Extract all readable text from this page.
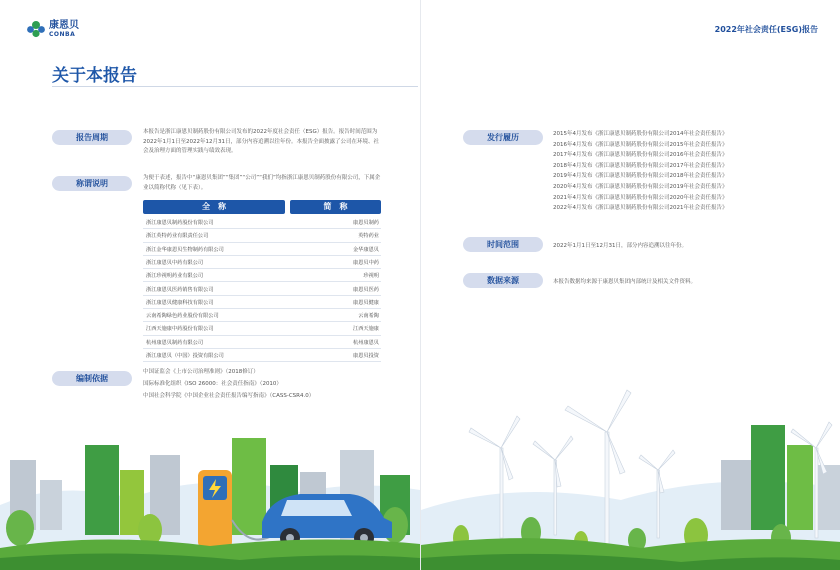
康恩贝
CONBA
关于本报告
报告周期
本报告是浙江康恩贝制药股份有限公司发布的2022年度社会责任（ESG）报告。报告时间范围为2022年1月1日至2022年12月31日，部分内容追溯以往年份。本报告全面披露了公司在环境、社会及治理方面的管理实践与绩效表现。
称谓说明
为便于表述，报告中“康恩贝集团”“集团”“公司”“我们”均指浙江康恩贝制药股份有限公司，下属企业以简称代称（见下表）。
全　称	简　称
浙江康恩贝制药股份有限公司	康恩贝制药
浙江英特药业有限责任公司	英特药业
浙江金华康恩贝生物制药有限公司	金华康恩贝
浙江康恩贝中药有限公司	康恩贝中药
浙江珍视明药业有限公司	珍视明
浙江康恩贝医药销售有限公司	康恩贝医药
浙江康恩贝健康科技有限公司	康恩贝健康
云南希陶绿色药业股份有限公司	云南希陶
江西天施康中药股份有限公司	江西天施康
杭州康恩贝制药有限公司	杭州康恩贝
浙江康恩贝（中国）投资有限公司	康恩贝投资
编制依据
中国证监会《上市公司治理准则》（2018修订）
国际标准化组织《ISO 26000：社会责任指南》（2010）
中国社会科学院《中国企业社会责任报告编写指南》（CASS-CSR4.0）
2022年社会责任(ESG)报告
发行履历	2015年4月发布《浙江康恩贝制药股份有限公司2014年社会责任报告》
2016年4月发布《浙江康恩贝制药股份有限公司2015年社会责任报告》
2017年4月发布《浙江康恩贝制药股份有限公司2016年社会责任报告》
2018年4月发布《浙江康恩贝制药股份有限公司2017年社会责任报告》
2019年4月发布《浙江康恩贝制药股份有限公司2018年社会责任报告》
2020年4月发布《浙江康恩贝制药股份有限公司2019年社会责任报告》
2021年4月发布《浙江康恩贝制药股份有限公司2020年社会责任报告》
2022年4月发布《浙江康恩贝制药股份有限公司2021年社会责任报告》
时间范围	2022年1月1日至12月31日，部分内容追溯以往年份。
数据来源	本报告数据均来源于康恩贝集团内部统计及相关文件资料。
